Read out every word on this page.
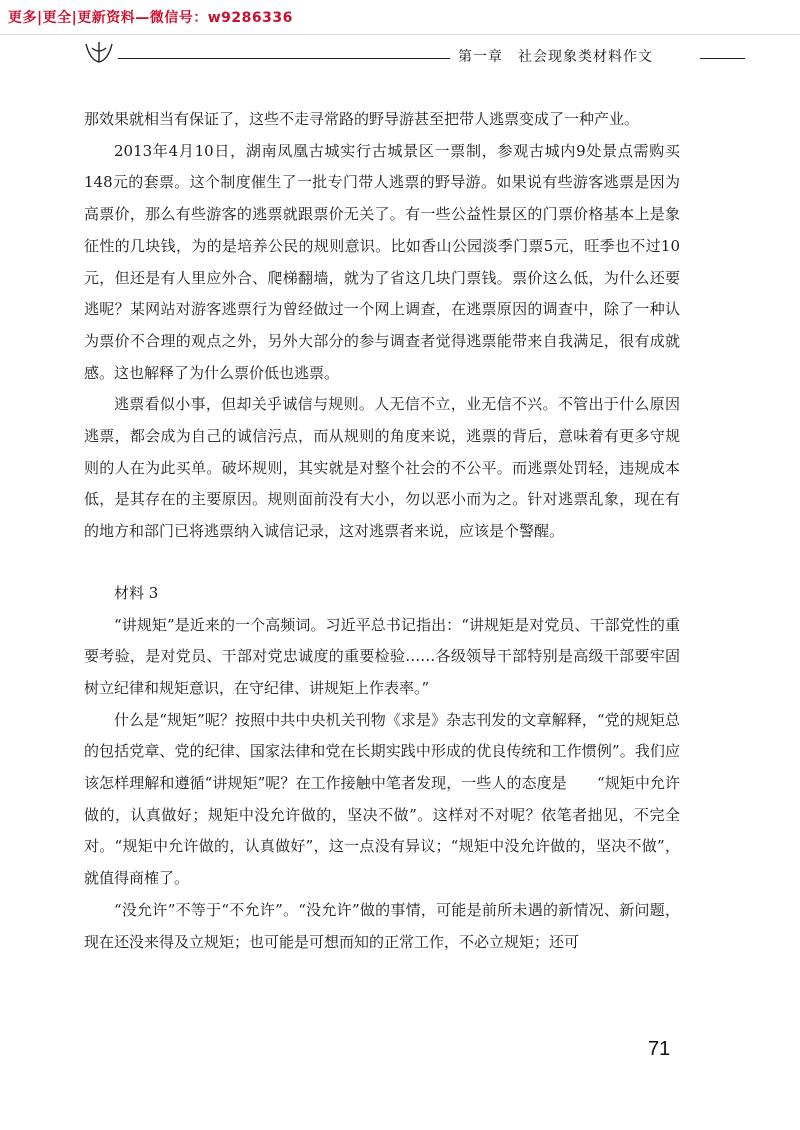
更多|更全|更新资料—微信号：w9286336
第一章　社会现象类材料作文

那效果就相当有保证了，这些不走寻常路的野导游甚至把带人逃票变成了一种产业。

2013年4月10日，湖南凤凰古城实行古城景区一票制，参观古城内9处景点需购买148元的套票。这个制度催生了一批专门带人逃票的野导游。如果说有些游客逃票是因为高票价，那么有些游客的逃票就跟票价无关了。有一些公益性景区的门票价格基本上是象征性的几块钱，为的是培养公民的规则意识。比如香山公园淡季门票5元，旺季也不过10元，但还是有人里应外合、爬梯翻墙，就为了省这几块门票钱。票价这么低，为什么还要逃呢？某网站对游客逃票行为曾经做过一个网上调查，在逃票原因的调查中，除了一种认为票价不合理的观点之外，另外大部分的参与调查者觉得逃票能带来自我满足，很有成就感。这也解释了为什么票价低也逃票。

逃票看似小事，但却关乎诚信与规则。人无信不立，业无信不兴。不管出于什么原因逃票，都会成为自己的诚信污点，而从规则的角度来说，逃票的背后，意味着有更多守规则的人在为此买单。破坏规则，其实就是对整个社会的不公平。而逃票处罚轻，违规成本低，是其存在的主要原因。规则面前没有大小，勿以恶小而为之。针对逃票乱象，现在有的地方和部门已将逃票纳入诚信记录，这对逃票者来说，应该是个警醒。

材料 3

“讲规矩”是近来的一个高频词。习近平总书记指出：“讲规矩是对党员、干部党性的重要考验，是对党员、干部对党忠诚度的重要检验……各级领导干部特别是高级干部要牢固树立纪律和规矩意识，在守纪律、讲规矩上作表率。”

什么是“规矩”呢？按照中共中央机关刊物《求是》杂志刊发的文章解释，“党的规矩总的包括党章、党的纪律、国家法律和党在长期实践中形成的优良传统和工作惯例”。我们应该怎样理解和遵循“讲规矩”呢？在工作接触中笔者发现，一些人的态度是　　“规矩中允许做的，认真做好；规矩中没允许做的，坚决不做”。这样对不对呢？依笔者拙见，不完全对。“规矩中允许做的，认真做好”，这一点没有异议；“规矩中没允许做的，坚决不做”，就值得商榷了。

“没允许”不等于“不允许”。“没允许”做的事情，可能是前所未遇的新情况、新问题，现在还没来得及立规矩；也可能是可想而知的正常工作，不必立规矩；还可

71
